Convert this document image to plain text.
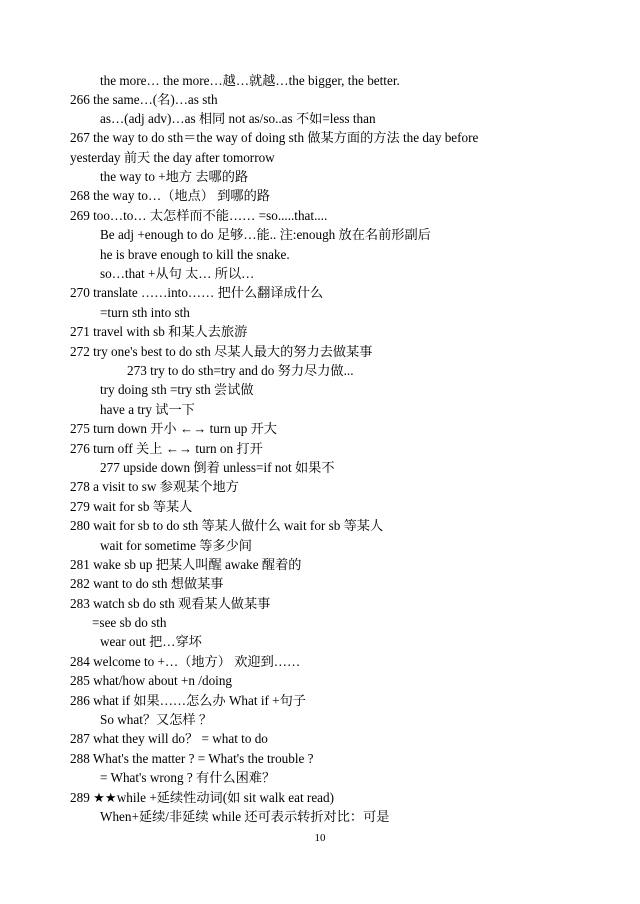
the more… the more…越…就越…the bigger, the better.
266 the same…(名)…as sth
as…(adj adv)…as 相同 not as/so..as 不如=less than
267 the way to do sth＝the way of doing sth 做某方面的方法 the day before
yesterday 前天 the day after tomorrow
the way to +地方 去哪的路
268 the way to…（地点） 到哪的路
269 too…to… 太怎样而不能…… =so.....that....
Be adj +enough to do 足够…能.. 注:enough 放在名前形副后
he is brave enough to kill the snake.
so…that +从句 太… 所以…
270 translate ……into…… 把什么翻译成什么
=turn sth into sth
271 travel with sb 和某人去旅游
272 try one's best to do sth 尽某人最大的努力去做某事
273 try to do sth=try and do 努力尽力做...
try doing sth =try sth 尝试做
have a try 试一下
275 turn down 开小 ←→ turn up 开大
276 turn off 关上 ←→ turn on 打开
277 upside down 倒着 unless=if not 如果不
278 a visit to sw 参观某个地方
279 wait for sb 等某人
280 wait for sb to do sth 等某人做什么 wait for sb 等某人
wait for sometime 等多少间
281 wake sb up 把某人叫醒 awake 醒着的
282 want to do sth 想做某事
283 watch sb do sth 观看某人做某事
=see sb do sth
wear out 把…穿坏
284 welcome to +…（地方） 欢迎到……
285 what/how about +n /doing
286 what if 如果……怎么办 What if +句子
So what？又怎样 ？
287 what they will do？ = what to do
288 What's the matter ? = What's the trouble ?
= What's wrong ? 有什么困难？
289 ★★while +延续性动词(如 sit walk eat read)
When+延续/非延续 while 还可表示转折对比：可是
10
